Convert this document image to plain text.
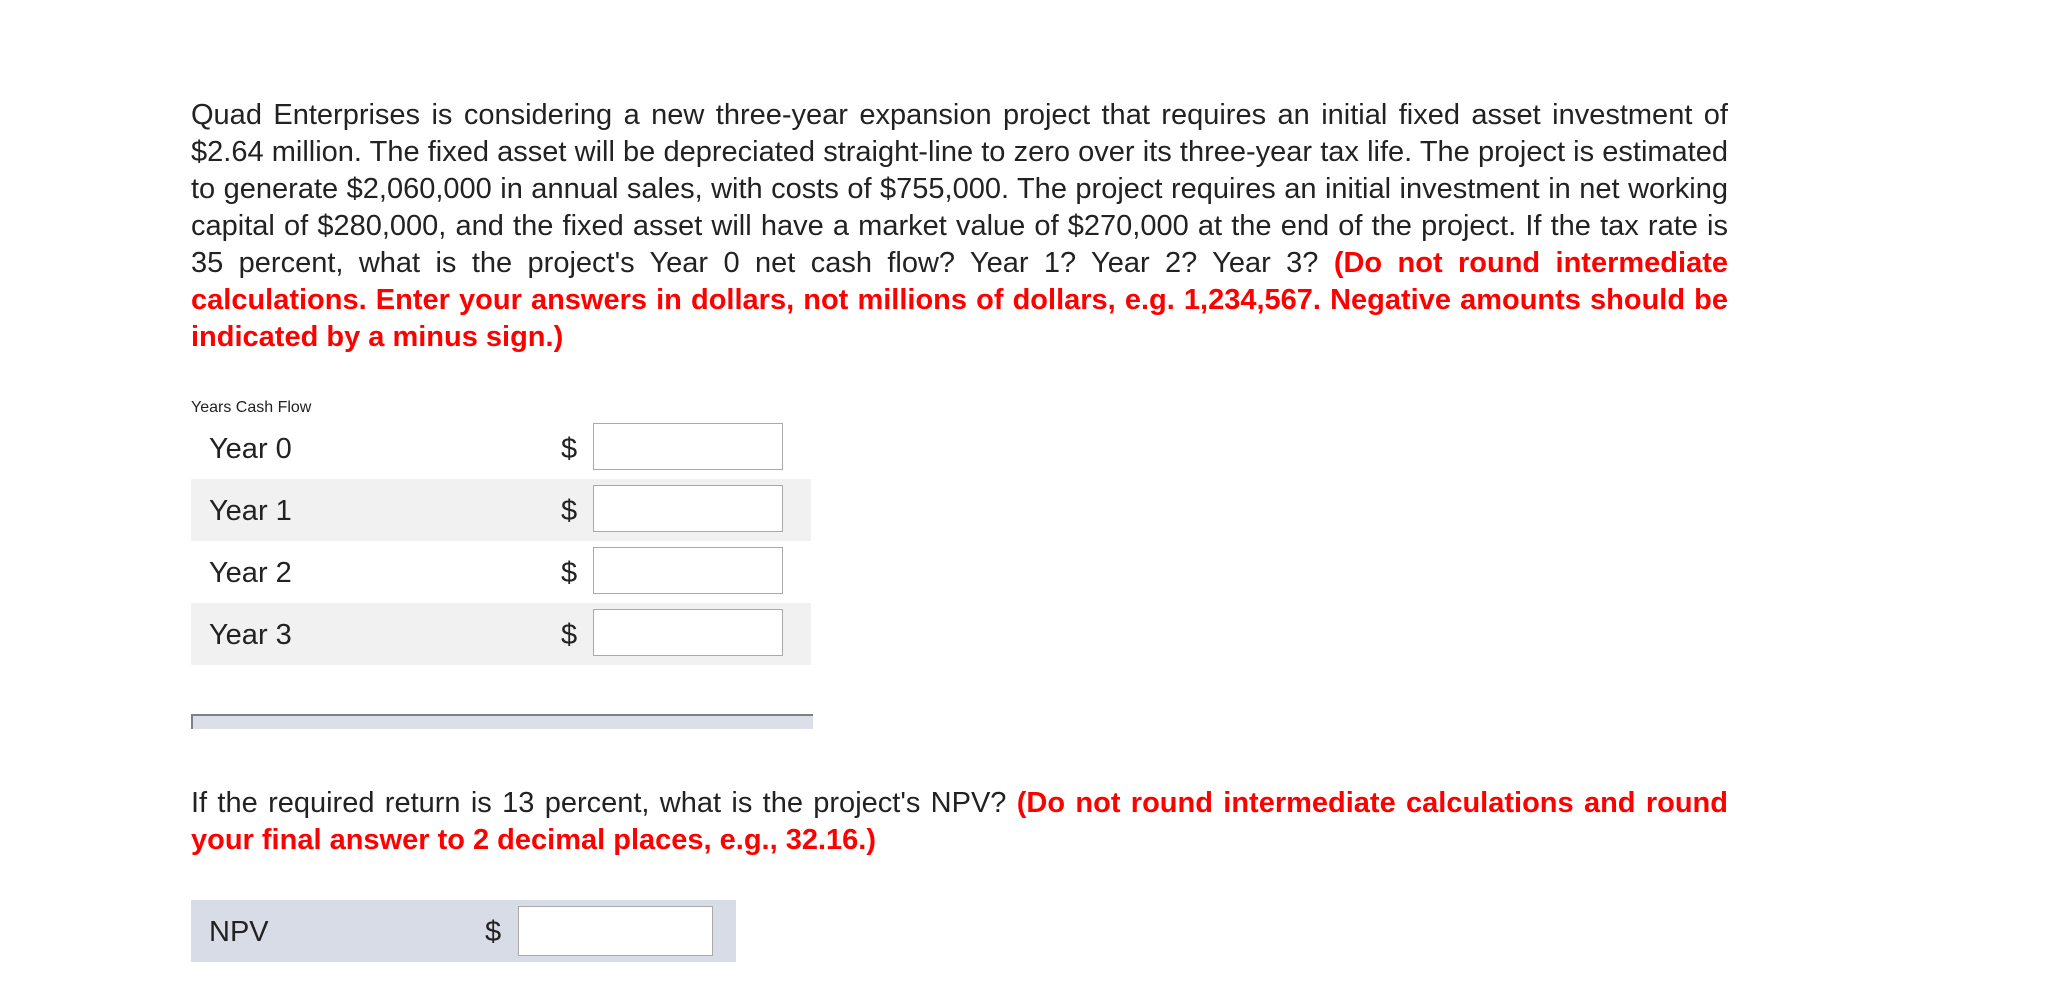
Quad Enterprises is considering a new three-year expansion project that requires an initial fixed asset investment of $2.64 million. The fixed asset will be depreciated straight-line to zero over its three-year tax life. The project is estimated to generate $2,060,000 in annual sales, with costs of $755,000. The project requires an initial investment in net working capital of $280,000, and the fixed asset will have a market value of $270,000 at the end of the project. If the tax rate is 35 percent, what is the project's Year 0 net cash flow? Year 1? Year 2? Year 3? (Do not round intermediate calculations. Enter your answers in dollars, not millions of dollars, e.g. 1,234,567. Negative amounts should be indicated by a minus sign.)

Years Cash Flow
Year 0	$
Year 1	$
Year 2	$
Year 3	$

If the required return is 13 percent, what is the project's NPV? (Do not round intermediate calculations and round your final answer to 2 decimal places, e.g., 32.16.)

NPV	$
